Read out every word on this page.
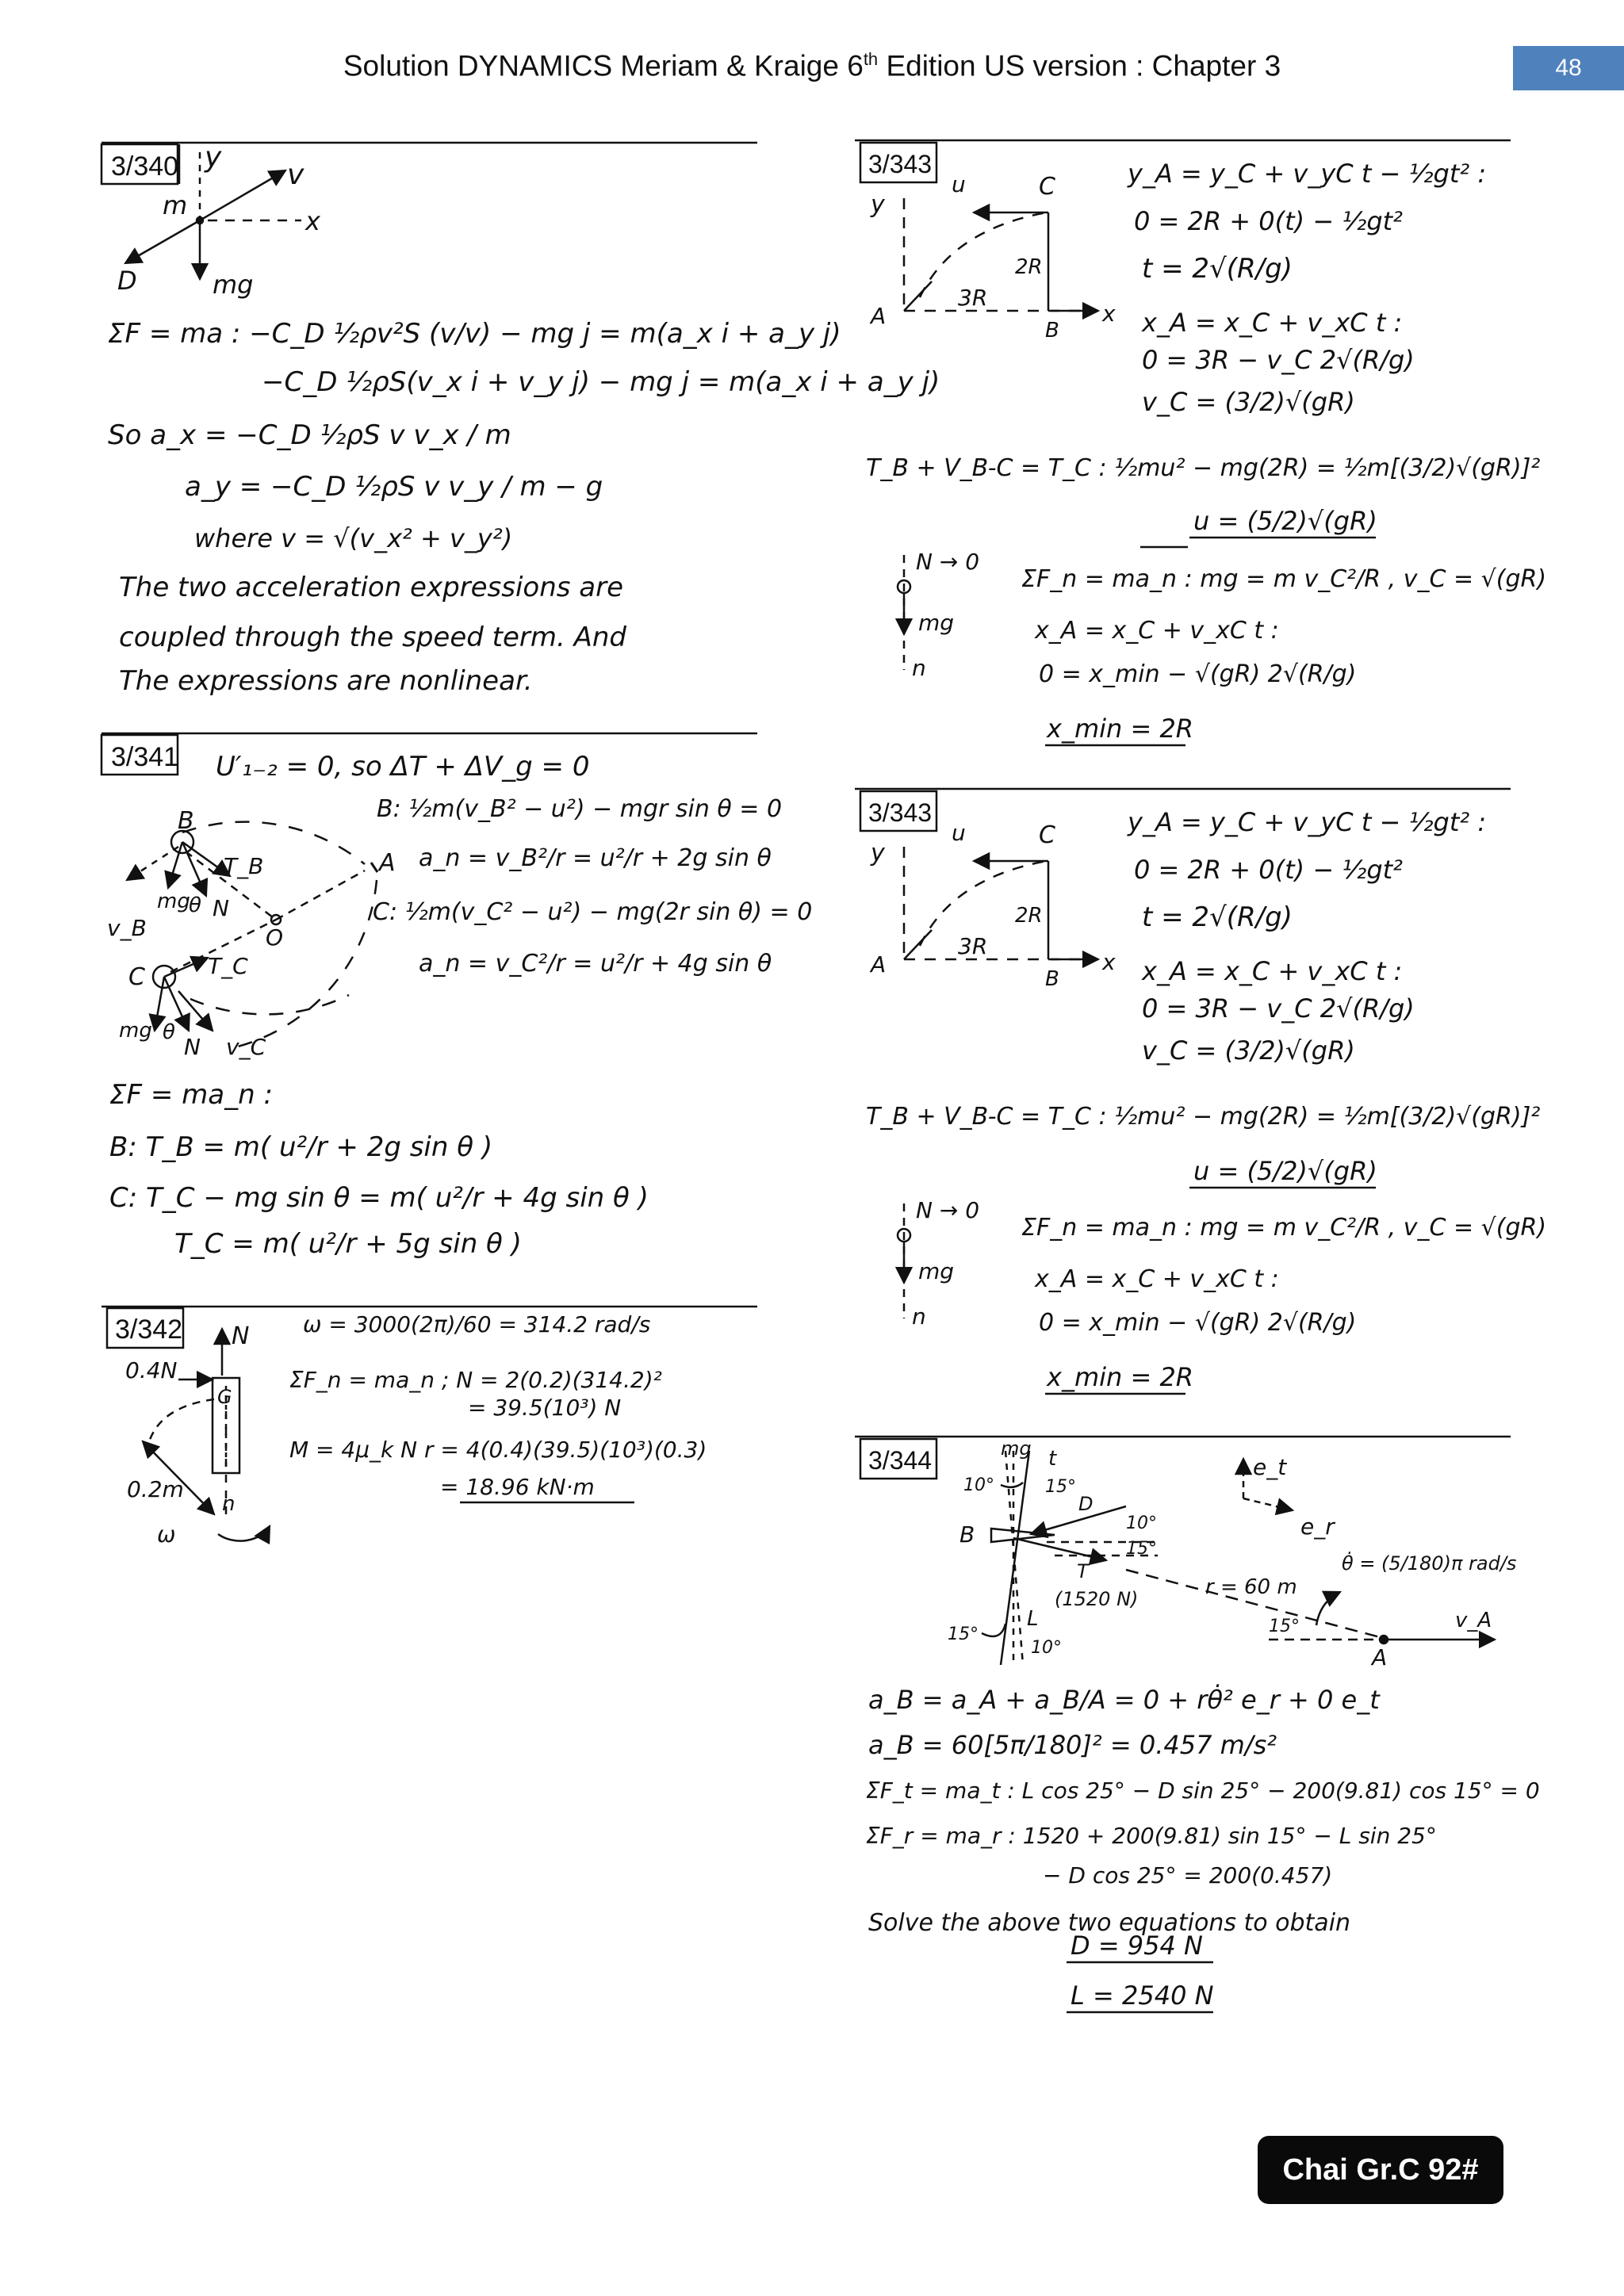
Solution DYNAMICS Meriam & Kraige 6th Edition US version : Chapter 3	48
3/340 y
v
m
x
D	mg
ΣF = ma : −C_D ½ρv²S (v/v) − mg j = m(a_x i + a_y j)
−C_D ½ρS(v_x i + v_y j) − mg j = m(a_x i + a_y j)
So a_x = −C_D ½ρS v v_x / m
a_y = −C_D ½ρS v v_y / m − g
where v = √(v_x² + v_y²)
The two acceleration expressions are
coupled through the speed term. And
The expressions are nonlinear.
3/341
B
T_B	A
v_B
mg
θ N
O
C	T_C
mg θ
N v_C
U′₁₋₂ = 0, so ΔT + ΔV_g = 0
B: ½m(v_B² − u²) − mgr sin θ = 0
a_n = v_B²/r = u²/r + 2g sin θ
C: ½m(v_C² − u²) − mg(2r sin θ) = 0
a_n = v_C²/r = u²/r + 4g sin θ
ΣF = ma_n :
B: T_B = m( u²/r + 2g sin θ )
C: T_C − mg sin θ = m( u²/r + 4g sin θ )
T_C = m( u²/r + 5g sin θ )
3/342 N
0.4N
G
0.2m
n
ω
ω = 3000(2π)/60 = 314.2 rad/s
ΣF_n = ma_n ; N = 2(0.2)(314.2)²
= 39.5(10³) N
M = 4μ_k N r = 4(0.4)(39.5)(10³)(0.3)
= 18.96 kN·m
3/343
y
u	C
2R
3R
A
B
x
y_A = y_C + v_yC t − ½gt² :
0 = 2R + 0(t) − ½gt²
t = 2√(R/g)
x_A = x_C + v_xC t :
0 = 3R − v_C 2√(R/g)
v_C = (3/2)√(gR)
T_B + V_B-C = T_C : ½mu² − mg(2R) = ½m[(3/2)√(gR)]²
u = (5/2)√(gR)
N → 0
ΣF_n = ma_n : mg = m v_C²/R , v_C = √(gR)
mg
n
x_A = x_C + v_xC t :
0 = x_min − √(gR) 2√(R/g)
x_min = 2R
3/343
y
u	C
2R
3R
A
B
x
y_A = y_C + v_yC t − ½gt² :
0 = 2R + 0(t) − ½gt²
t = 2√(R/g)
x_A = x_C + v_xC t :
0 = 3R − v_C 2√(R/g)
v_C = (3/2)√(gR)
T_B + V_B-C = T_C : ½mu² − mg(2R) = ½m[(3/2)√(gR)]²
u = (5/2)√(gR)
N → 0
ΣF_n = ma_n : mg = m v_C²/R , v_C = √(gR)
mg
n
x_A = x_C + v_xC t :
0 = x_min − √(gR) 2√(R/g)
x_min = 2R
3/344	mg t
10°	15°
D
B	10°
15°
T
(1520 N)
15°
L
10°
e_t
e_r
θ̇ = (5/180)π rad/s
r = 60 m
15°
A
v_A
a_B = a_A + a_B/A = 0 + rθ̇² e_r + 0 e_t
a_B = 60[5π/180]² = 0.457 m/s²
ΣF_t = ma_t : L cos 25° − D sin 25° − 200(9.81) cos 15° = 0
ΣF_r = ma_r : 1520 + 200(9.81) sin 15° − L sin 25°
− D cos 25° = 200(0.457)
Solve the above two equations to obtain
D = 954 N
L = 2540 N
Chai Gr.C 92#
